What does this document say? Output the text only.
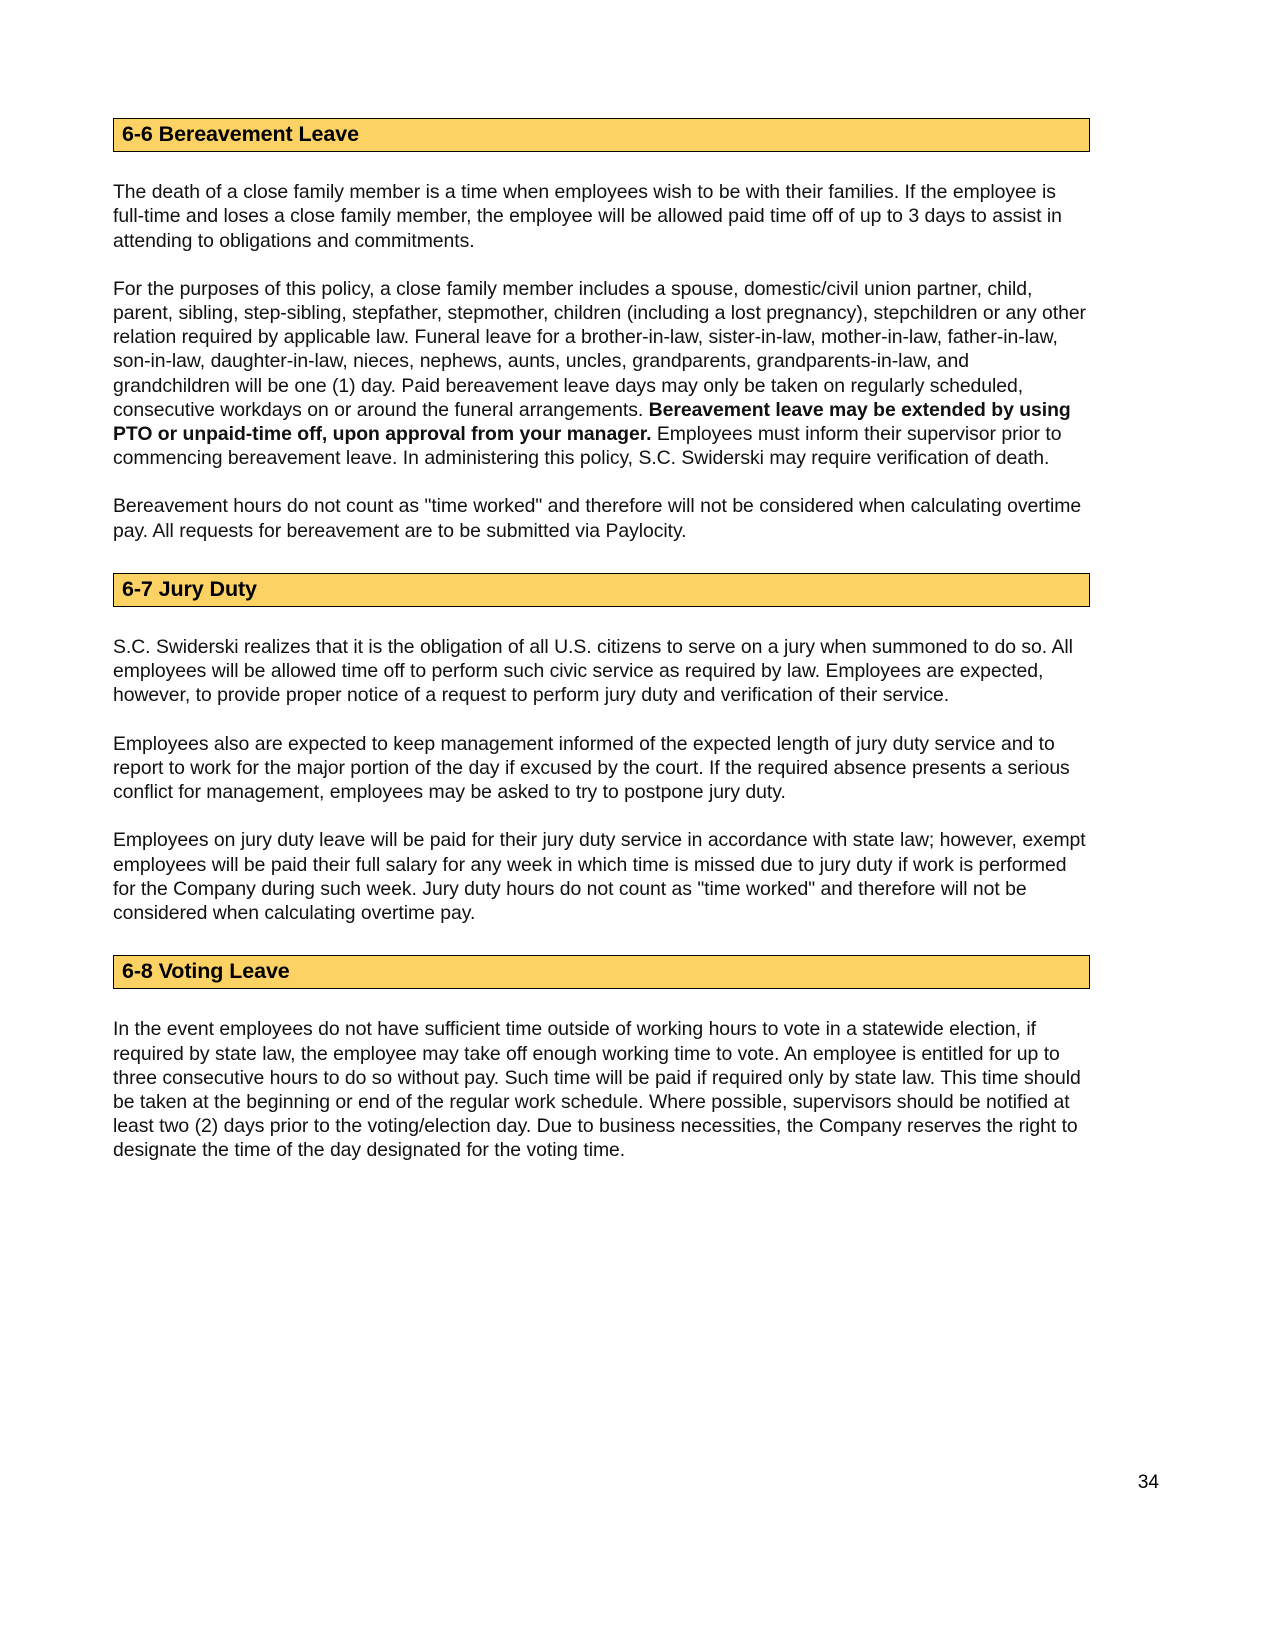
6-6 Bereavement Leave

The death of a close family member is a time when employees wish to be with their families. If the employee is full-time and loses a close family member, the employee will be allowed paid time off of up to 3 days to assist in attending to obligations and commitments.

For the purposes of this policy, a close family member includes a spouse, domestic/civil union partner, child, parent, sibling, step-sibling, stepfather, stepmother, children (including a lost pregnancy), stepchildren or any other relation required by applicable law. Funeral leave for a brother-in-law, sister-in-law, mother-in-law, father-in-law, son-in-law, daughter-in-law, nieces, nephews, aunts, uncles, grandparents, grandparents-in-law, and grandchildren will be one (1) day. Paid bereavement leave days may only be taken on regularly scheduled, consecutive workdays on or around the funeral arrangements. Bereavement leave may be extended by using PTO or unpaid-time off, upon approval from your manager. Employees must inform their supervisor prior to commencing bereavement leave. In administering this policy, S.C. Swiderski may require verification of death.

Bereavement hours do not count as "time worked" and therefore will not be considered when calculating overtime pay. All requests for bereavement are to be submitted via Paylocity.

6-7 Jury Duty

S.C. Swiderski realizes that it is the obligation of all U.S. citizens to serve on a jury when summoned to do so. All employees will be allowed time off to perform such civic service as required by law. Employees are expected, however, to provide proper notice of a request to perform jury duty and verification of their service.

Employees also are expected to keep management informed of the expected length of jury duty service and to report to work for the major portion of the day if excused by the court. If the required absence presents a serious conflict for management, employees may be asked to try to postpone jury duty.

Employees on jury duty leave will be paid for their jury duty service in accordance with state law; however, exempt employees will be paid their full salary for any week in which time is missed due to jury duty if work is performed for the Company during such week. Jury duty hours do not count as "time worked" and therefore will not be considered when calculating overtime pay.

6-8 Voting Leave

In the event employees do not have sufficient time outside of working hours to vote in a statewide election, if required by state law, the employee may take off enough working time to vote. An employee is entitled for up to three consecutive hours to do so without pay. Such time will be paid if required only by state law. This time should be taken at the beginning or end of the regular work schedule. Where possible, supervisors should be notified at least two (2) days prior to the voting/election day. Due to business necessities, the Company reserves the right to designate the time of the day designated for the voting time.

34
